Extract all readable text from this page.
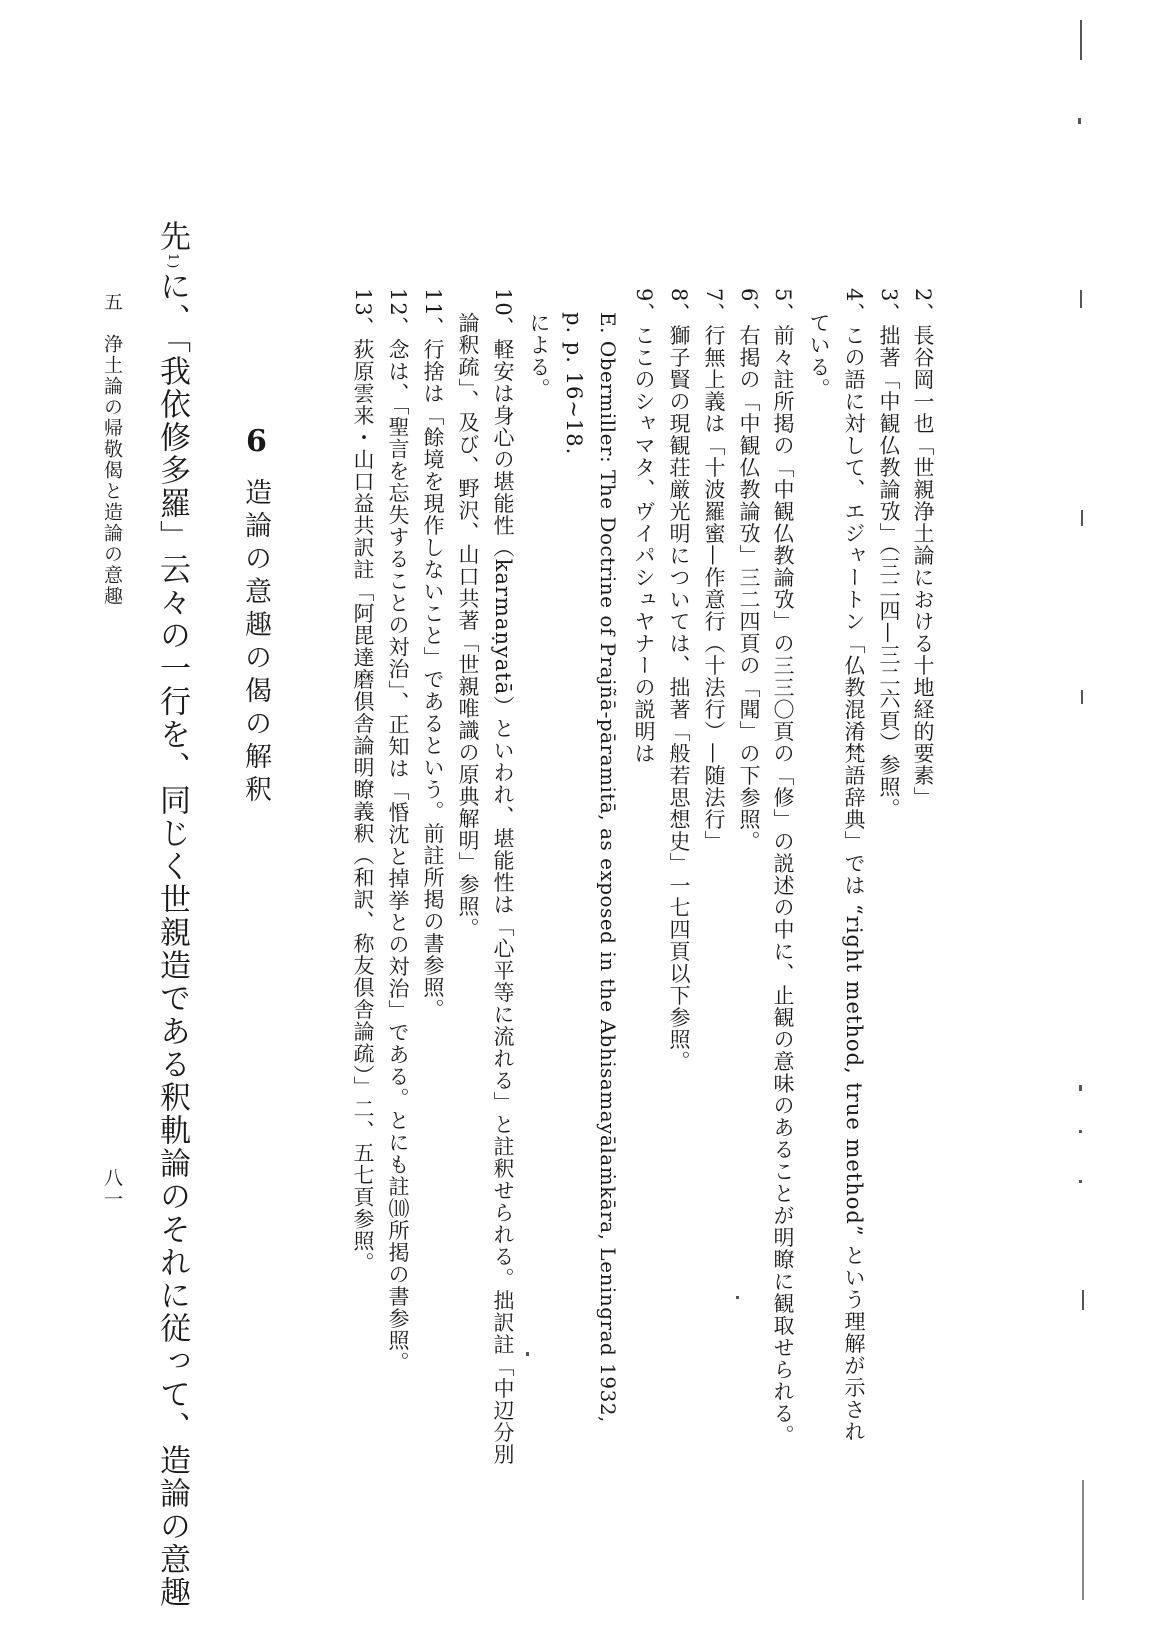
2、長谷岡一也「世親浄土論における十地経的要素」
3、拙著「中観仏教論攷」（三二四—三二六頁）参照。
4、この語に対して、エジャートン「仏教混淆梵語辞典」では “right method, true method” という理解が示され
ている。
5、前々註所掲の「中観仏教論攷」の三三〇頁の「修」の説述の中に、止観の意味のあることが明瞭に観取せられる。
6、右掲の「中観仏教論攷」三二四頁の「聞」の下参照。
7、行無上義は「十波羅蜜—作意行（十法行）—随法行」
8、獅子賢の現観荘厳光明については、拙著「般若思想史」一七四頁以下参照。
9、ここのシャマタ、ヴイパシュヤナーの説明は
E. Obermiller: The Doctrine of Prajñā-pāramitā, as exposed in the Abhisamayālaṁkāra, Leningrad 1932,
p. p. 16~18.
による。
10、軽安は身心の堪能性（karmaṇyatā）といわれ、堪能性は「心平等に流れる」と註釈せられる。拙訳註「中辺分別
論釈疏」、及び、野沢、山口共著「世親唯識の原典解明」参照。
11、行捨は「餘境を現作しないこと」であるという。前註所掲の書参照。
12、念は、「聖言を忘失することの対治」、正知は「惛沈と掉挙との対治」である。とにも註⑽所掲の書参照。
13、荻原雲来・山口益共訳註「阿毘達磨倶舎論明瞭義釈（和訳、称友倶舎論疏）」二、五七頁参照。
6
造論の意趣の偈の解釈
先1)に、
「我依修多羅」云々の一行を、同じく世親造である釈軌論のそれに従って、造論の意趣
五　浄土論の帰敬偈と造論の意趣
八一
